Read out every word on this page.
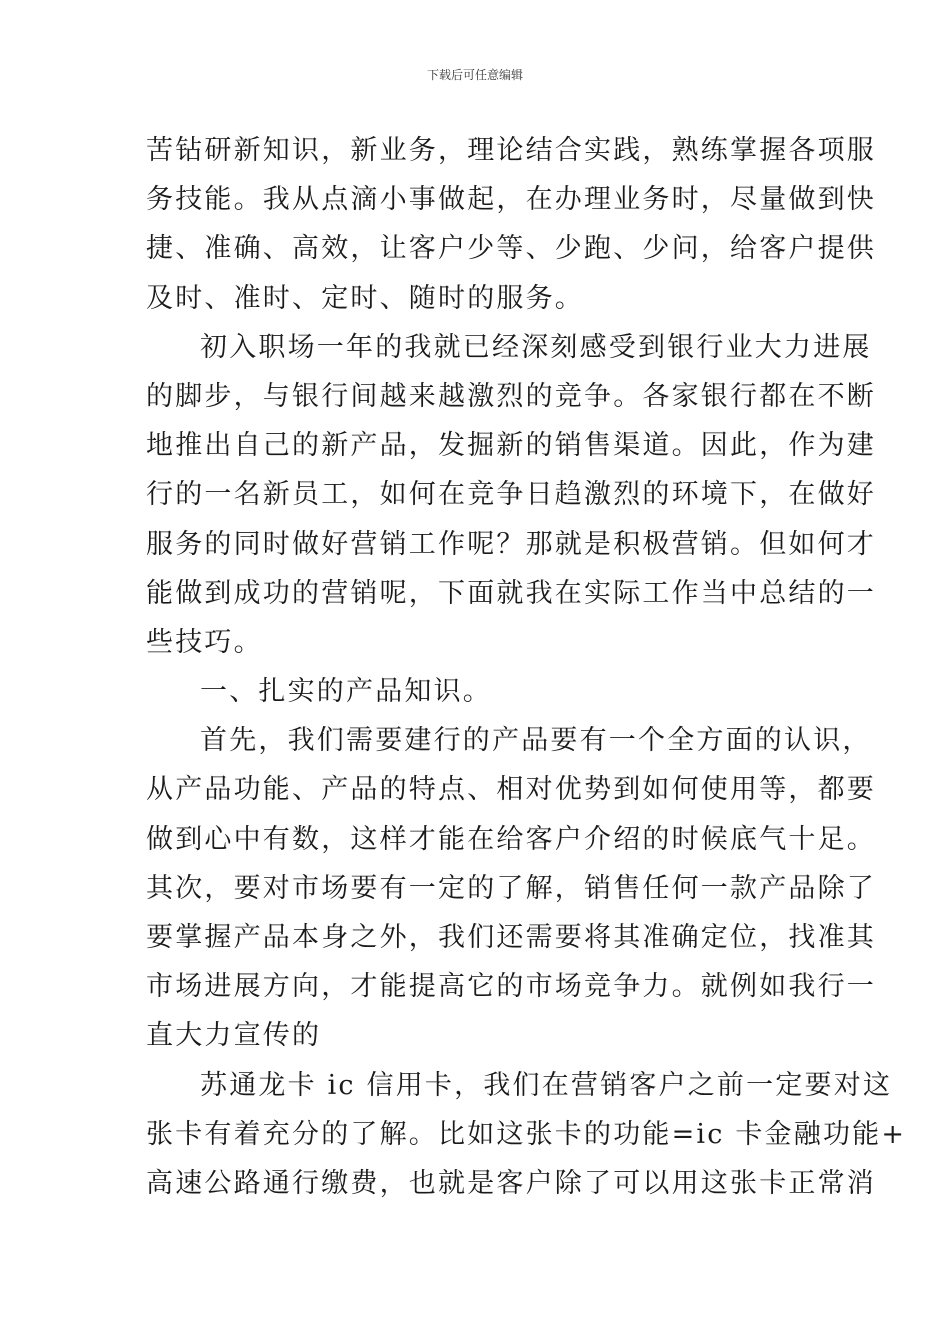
下载后可任意编辑
苦钻研新知识，新业务，理论结合实践，熟练掌握各项服
务技能。我从点滴小事做起，在办理业务时，尽量做到快
捷、准确、高效，让客户少等、少跑、少问，给客户提供
及时、准时、定时、随时的服务。
初入职场一年的我就已经深刻感受到银行业大力进展
的脚步，与银行间越来越激烈的竞争。各家银行都在不断
地推出自己的新产品，发掘新的销售渠道。因此，作为建
行的一名新员工，如何在竞争日趋激烈的环境下，在做好
服务的同时做好营销工作呢？那就是积极营销。但如何才
能做到成功的营销呢，下面就我在实际工作当中总结的一
些技巧。
一、扎实的产品知识。
首先，我们需要建行的产品要有一个全方面的认识，
从产品功能、产品的特点、相对优势到如何使用等，都要
做到心中有数，这样才能在给客户介绍的时候底气十足。
其次，要对市场要有一定的了解，销售任何一款产品除了
要掌握产品本身之外，我们还需要将其准确定位，找准其
市场进展方向，才能提高它的市场竞争力。就例如我行一
直大力宣传的
苏通龙卡 ic 信用卡，我们在营销客户之前一定要对这
张卡有着充分的了解。比如这张卡的功能=ic 卡金融功能+
高速公路通行缴费，也就是客户除了可以用这张卡正常消
